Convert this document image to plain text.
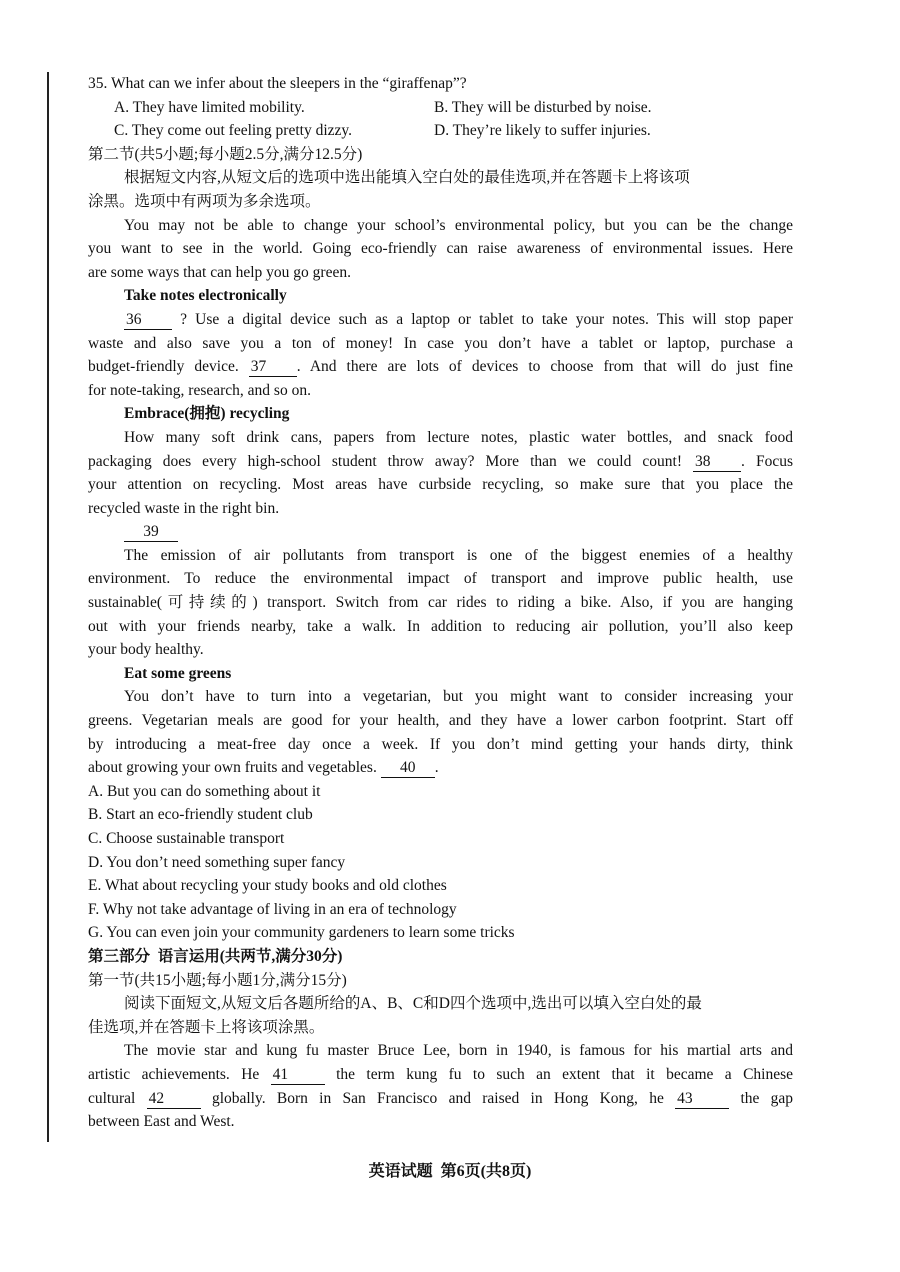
35. What can we infer about the sleepers in the “giraffenap”?
A. They have limited mobility.	B. They will be disturbed by noise.
C. They come out feeling pretty dizzy.	D. They’re likely to suffer injuries.
第二节(共5小题;每小题2.5分,满分12.5分)
根据短文内容,从短文后的选项中选出能填入空白处的最佳选项,并在答题卡上将该项
涂黑。选项中有两项为多余选项。
You may not be able to change your school’s environmental policy, but you can be the change
you want to see in the world. Going eco-friendly can raise awareness of environmental issues. Here
are some ways that can help you go green.
Take notes electronically
36 ? Use a digital device such as a laptop or tablet to take your notes. This will stop paper
waste and also save you a ton of money! In case you don’t have a tablet or laptop, purchase a
budget-friendly device. 37 . And there are lots of devices to choose from that will do just fine
for note-taking, research, and so on.
Embrace(拥抱) recycling
How many soft drink cans, papers from lecture notes, plastic water bottles, and snack food
packaging does every high-school student throw away? More than we could count! 38 . Focus
your attention on recycling. Most areas have curbside recycling, so make sure that you place the
recycled waste in the right bin.
39
The emission of air pollutants from transport is one of the biggest enemies of a healthy
environment. To reduce the environmental impact of transport and improve public health, use
sustainable(可持续的) transport. Switch from car rides to riding a bike. Also, if you are hanging
out with your friends nearby, take a walk. In addition to reducing air pollution, you’ll also keep
your body healthy.
Eat some greens
You don’t have to turn into a vegetarian, but you might want to consider increasing your
greens. Vegetarian meals are good for your health, and they have a lower carbon footprint. Start off
by introducing a meat-free day once a week. If you don’t mind getting your hands dirty, think
about growing your own fruits and vegetables. 40 .
A. But you can do something about it
B. Start an eco-friendly student club
C. Choose sustainable transport
D. You don’t need something super fancy
E. What about recycling your study books and old clothes
F. Why not take advantage of living in an era of technology
G. You can even join your community gardeners to learn some tricks
第三部分  语言运用(共两节,满分30分)
第一节(共15小题;每小题1分,满分15分)
阅读下面短文,从短文后各题所给的A、B、C和D四个选项中,选出可以填入空白处的最
佳选项,并在答题卡上将该项涂黑。
The movie star and kung fu master Bruce Lee, born in 1940, is famous for his martial arts and
artistic achievements. He 41	the term kung fu to such an extent that it became a Chinese
cultural 42	globally. Born in San Francisco and raised in Hong Kong, he 43	the gap
between East and West.
英语试题  第6页(共8页)
